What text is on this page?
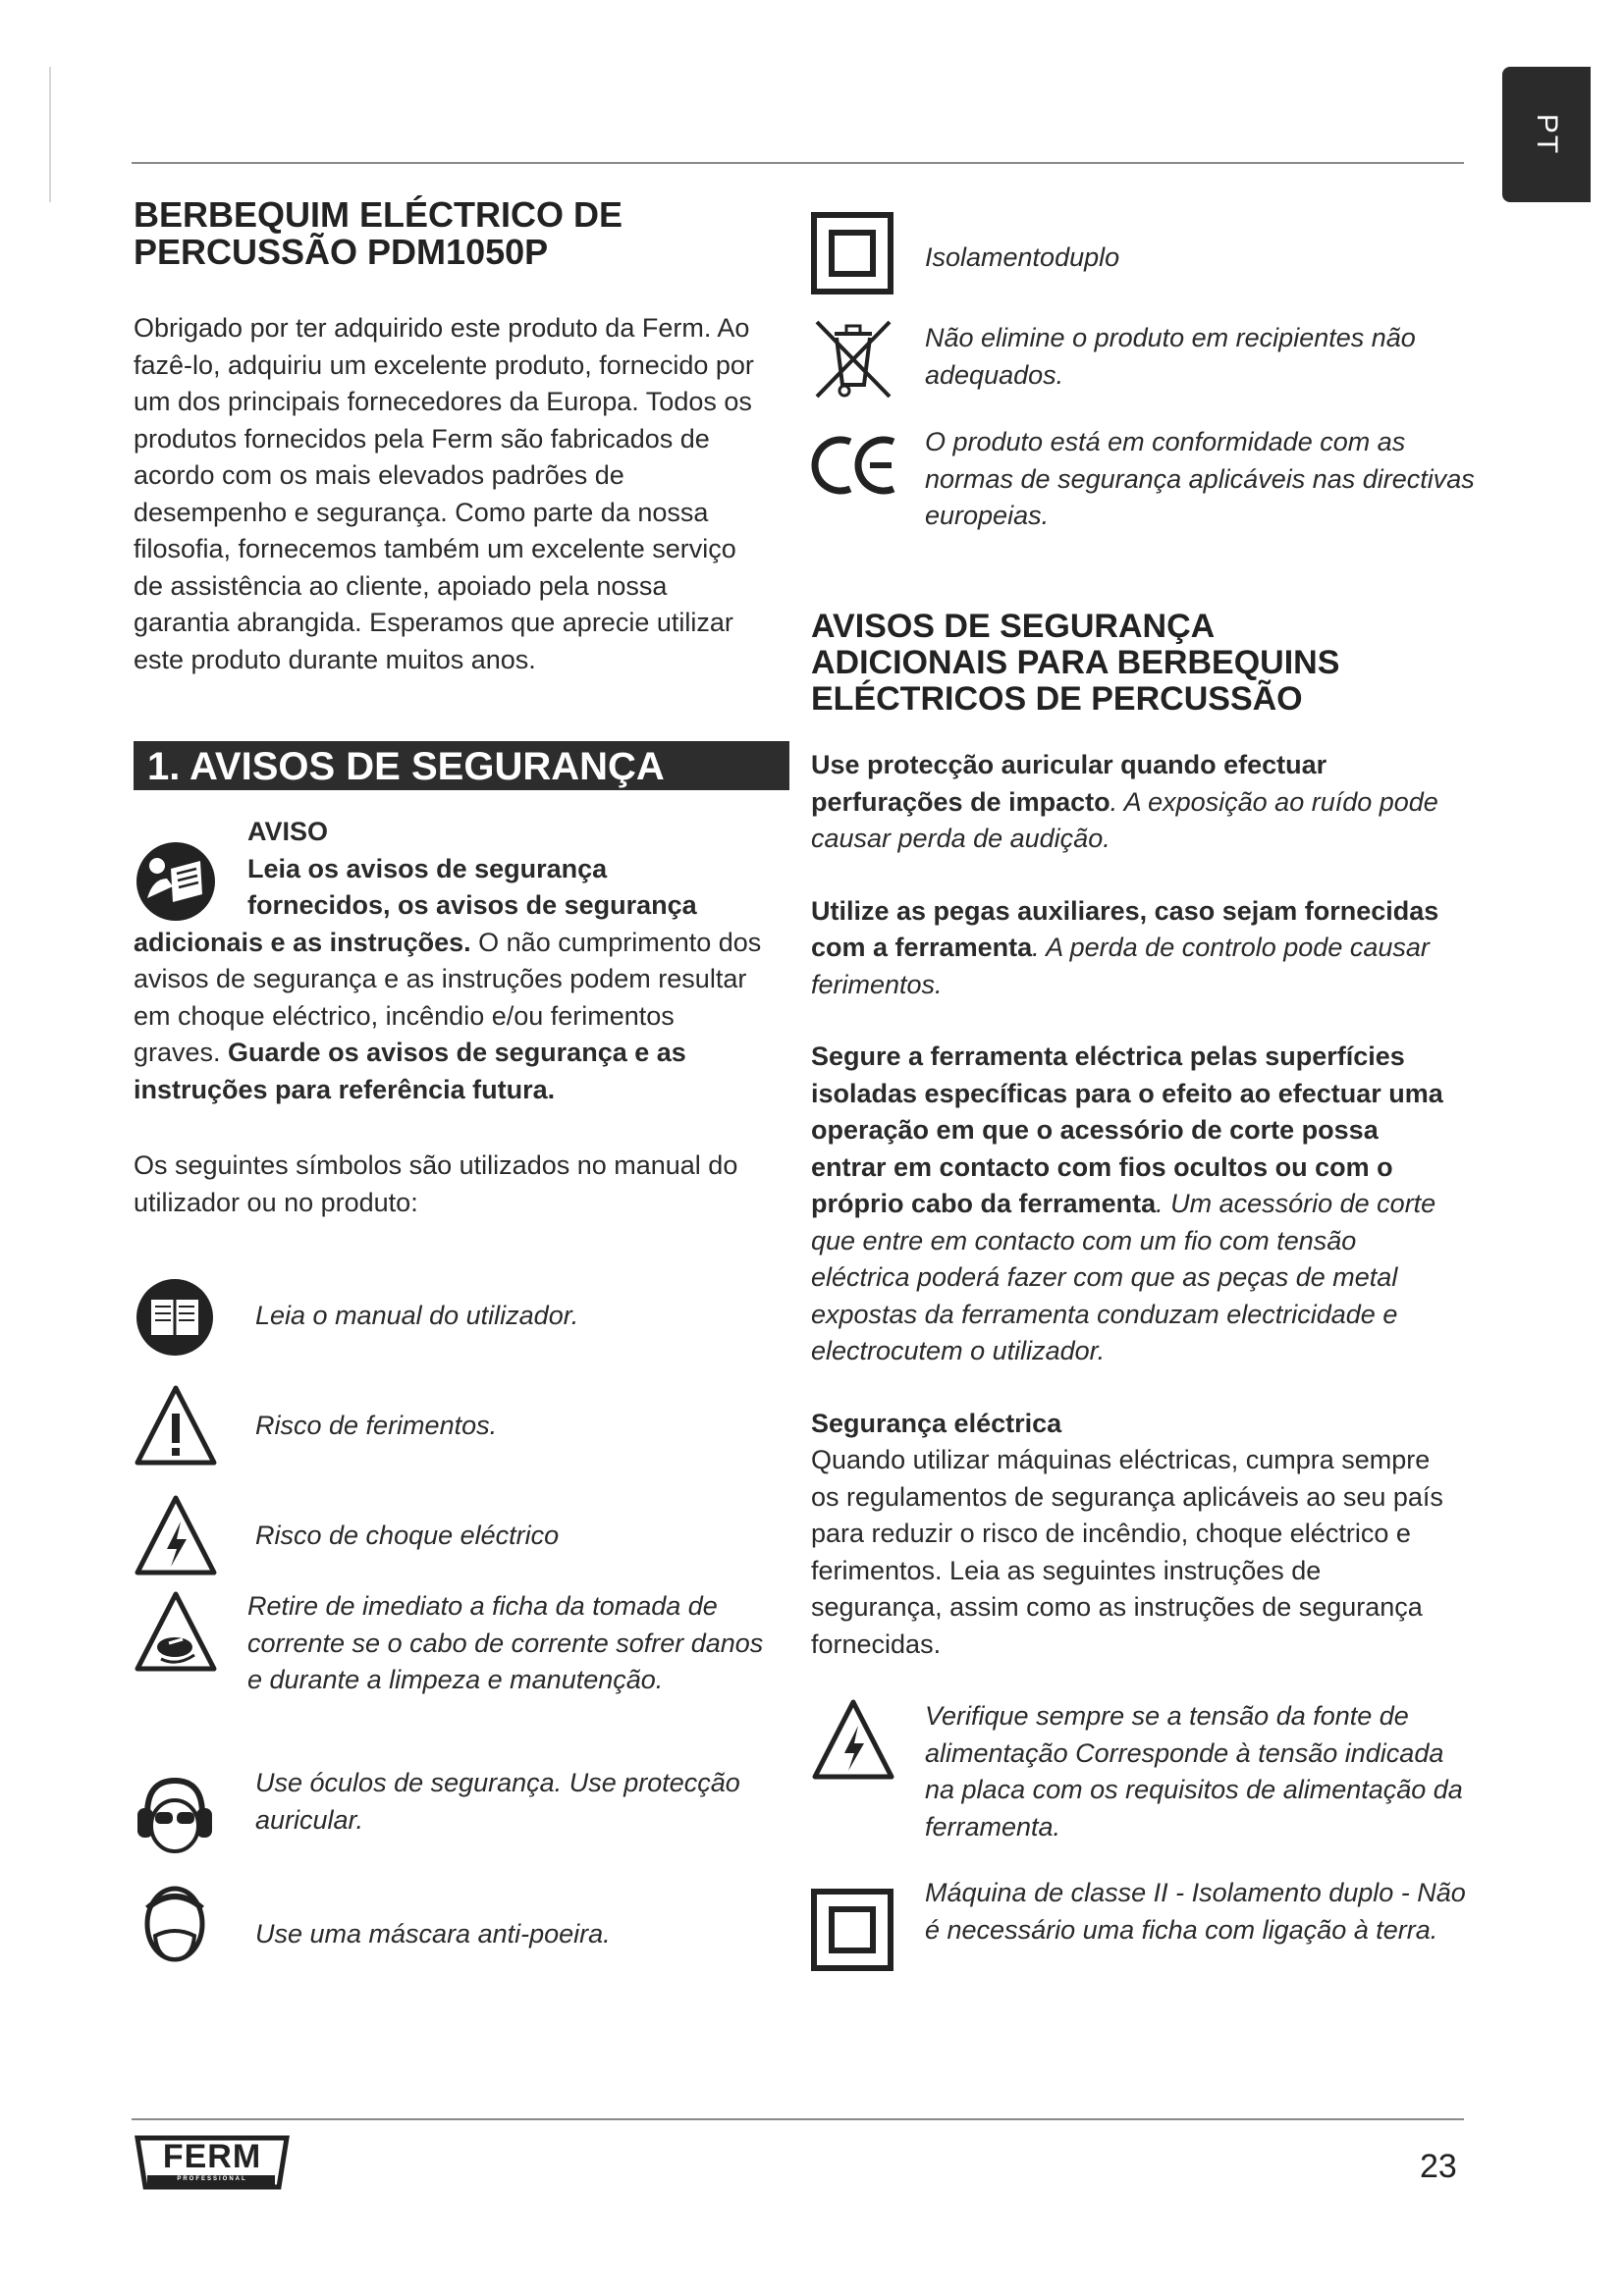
PT
BERBEQUIM ELÉCTRICO DE
PERCUSSÃO PDM1050P

Obrigado por ter adquirido este produto da Ferm. Ao fazê-lo, adquiriu um excelente produto, fornecido por um dos principais fornecedores da Europa. Todos os produtos fornecidos pela Ferm são fabricados de acordo com os mais elevados padrões de desempenho e segurança. Como parte da nossa filosofia, fornecemos também um excelente serviço de assistência ao cliente, apoiado pela nossa garantia abrangida. Esperamos que aprecie utilizar este produto durante muitos anos.

1. AVISOS DE SEGURANÇA

AVISO

Leia os avisos de segurança

fornecidos, os avisos de segurança

adicionais e as instruções. O não cumprimento dos avisos de segurança e as instruções podem resultar em choque eléctrico, incêndio e/ou ferimentos graves. Guarde os avisos de segurança e as instruções para referência futura.

Os seguintes símbolos são utilizados no manual do utilizador ou no produto:

Leia o manual do utilizador.

Risco de ferimentos.

Risco de choque eléctrico

Retire de imediato a ficha da tomada de corrente se o cabo de corrente sofrer danos e durante a limpeza e manutenção.

Use óculos de segurança. Use protecção auricular.

Use uma máscara anti-poeira.

Isolamentoduplo

Não elimine o produto em recipientes não adequados.

O produto está em conformidade com as normas de segurança aplicáveis nas directivas europeias.

AVISOS DE SEGURANÇA
ADICIONAIS PARA BERBEQUINS
ELÉCTRICOS DE PERCUSSÃO

Use protecção auricular quando efectuar perfurações de impacto. A exposição ao ruído pode causar perda de audição.

Utilize as pegas auxiliares, caso sejam fornecidas com a ferramenta. A perda de controlo pode causar ferimentos.

Segure a ferramenta eléctrica pelas superfícies isoladas específicas para o efeito ao efectuar uma operação em que o acessório de corte possa entrar em contacto com fios ocultos ou com o próprio cabo da ferramenta. Um acessório de corte que entre em contacto com um fio com tensão eléctrica poderá fazer com que as peças de metal expostas da ferramenta conduzam electricidade e electrocutem o utilizador.

Segurança eléctrica

Quando utilizar máquinas eléctricas, cumpra sempre os regulamentos de segurança aplicáveis ao seu país para reduzir o risco de incêndio, choque eléctrico e ferimentos. Leia as seguintes instruções de segurança, assim como as instruções de segurança fornecidas.

Verifique sempre se a tensão da fonte de alimentação Corresponde à tensão indicada na placa com os requisitos de alimentação da ferramenta.

Máquina de classe II - Isolamento duplo - Não é necessário uma ficha com ligação à terra.

FERM
PROFESSIONAL	23
